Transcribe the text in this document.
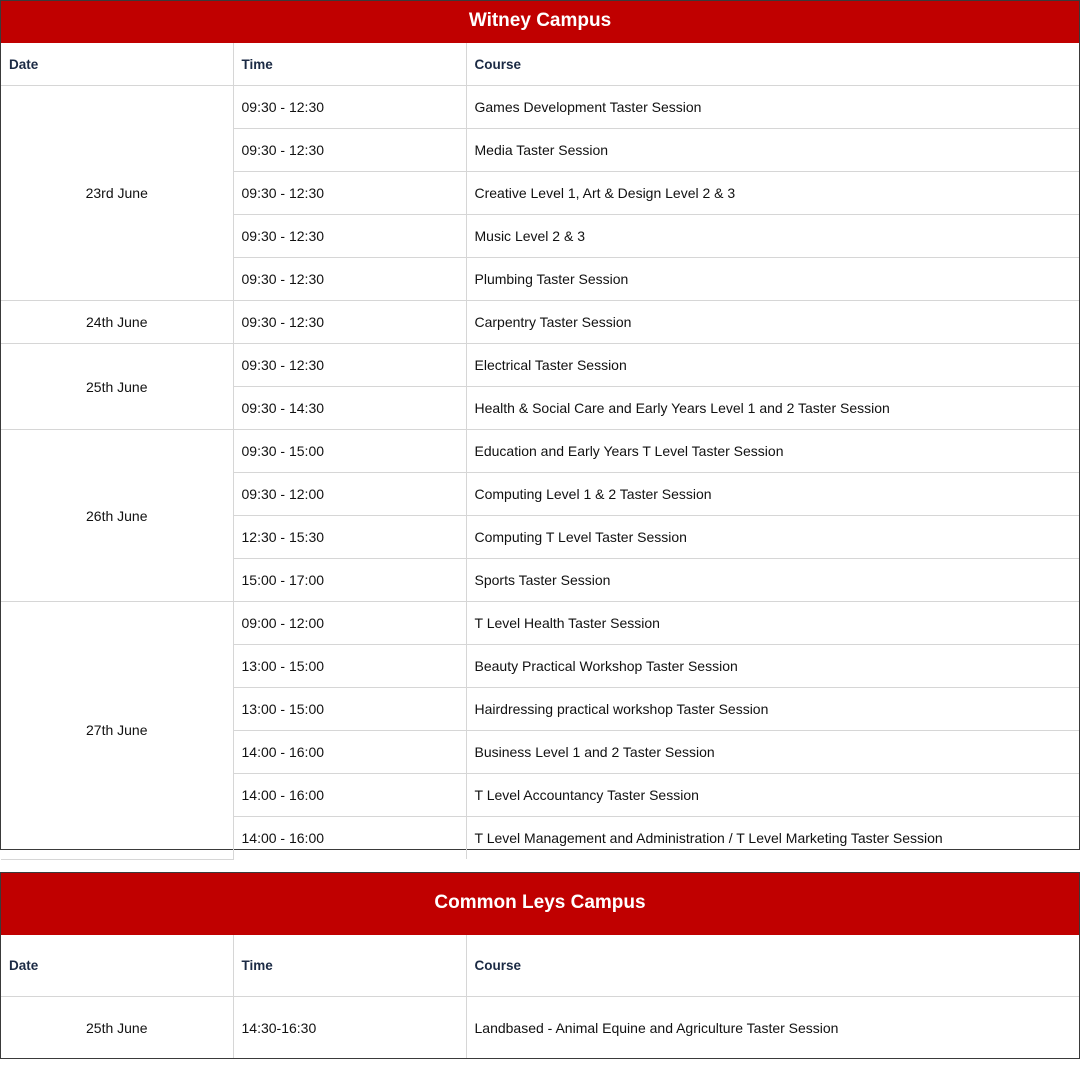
Witney Campus
Date	Time	Course
23rd June	09:30 - 12:30	Games Development Taster Session
	09:30 - 12:30	Media Taster Session
	09:30 - 12:30	Creative Level 1, Art & Design Level 2 & 3
	09:30 - 12:30	Music Level 2 & 3
	09:30 - 12:30	Plumbing Taster Session
24th June	09:30 - 12:30	Carpentry Taster Session
25th June	09:30 - 12:30	Electrical Taster Session
	09:30 - 14:30	Health & Social Care and Early Years Level 1 and 2 Taster Session
26th June	09:30 - 15:00	Education and Early Years T Level Taster Session
	09:30 - 12:00	Computing Level 1 & 2 Taster Session
	12:30 - 15:30	Computing T Level Taster Session
	15:00 - 17:00	Sports Taster Session
27th June	09:00 - 12:00	T Level Health Taster Session
	13:00 - 15:00	Beauty Practical Workshop Taster Session
	13:00 - 15:00	Hairdressing practical workshop Taster Session
	14:00 - 16:00	Business Level 1 and 2 Taster Session
	14:00 - 16:00	T Level Accountancy Taster Session
	14:00 - 16:00	T Level Management and Administration / T Level Marketing Taster Session
Common Leys Campus
Date	Time	Course
25th June	14:30-16:30	Landbased - Animal Equine and Agriculture Taster Session
